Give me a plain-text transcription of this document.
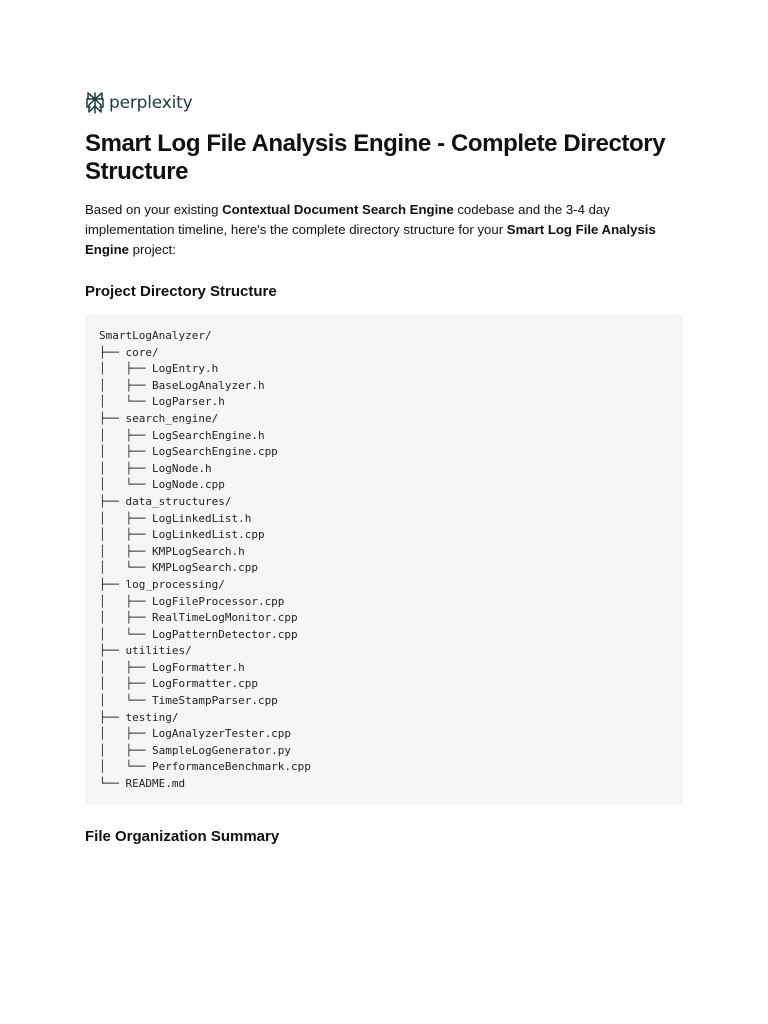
perplexity
Smart Log File Analysis Engine - Complete Directory Structure

Based on your existing Contextual Document Search Engine codebase and the 3-4 day implementation timeline, here's the complete directory structure for your Smart Log File Analysis Engine project:

Project Directory Structure
SmartLogAnalyzer/
├── core/
│   ├── LogEntry.h
│   ├── BaseLogAnalyzer.h
│   └── LogParser.h
├── search_engine/
│   ├── LogSearchEngine.h
│   ├── LogSearchEngine.cpp
│   ├── LogNode.h
│   └── LogNode.cpp
├── data_structures/
│   ├── LogLinkedList.h
│   ├── LogLinkedList.cpp
│   ├── KMPLogSearch.h
│   └── KMPLogSearch.cpp
├── log_processing/
│   ├── LogFileProcessor.cpp
│   ├── RealTimeLogMonitor.cpp
│   └── LogPatternDetector.cpp
├── utilities/
│   ├── LogFormatter.h
│   ├── LogFormatter.cpp
│   └── TimeStampParser.cpp
├── testing/
│   ├── LogAnalyzerTester.cpp
│   ├── SampleLogGenerator.py
│   └── PerformanceBenchmark.cpp
└── README.md
File Organization Summary
